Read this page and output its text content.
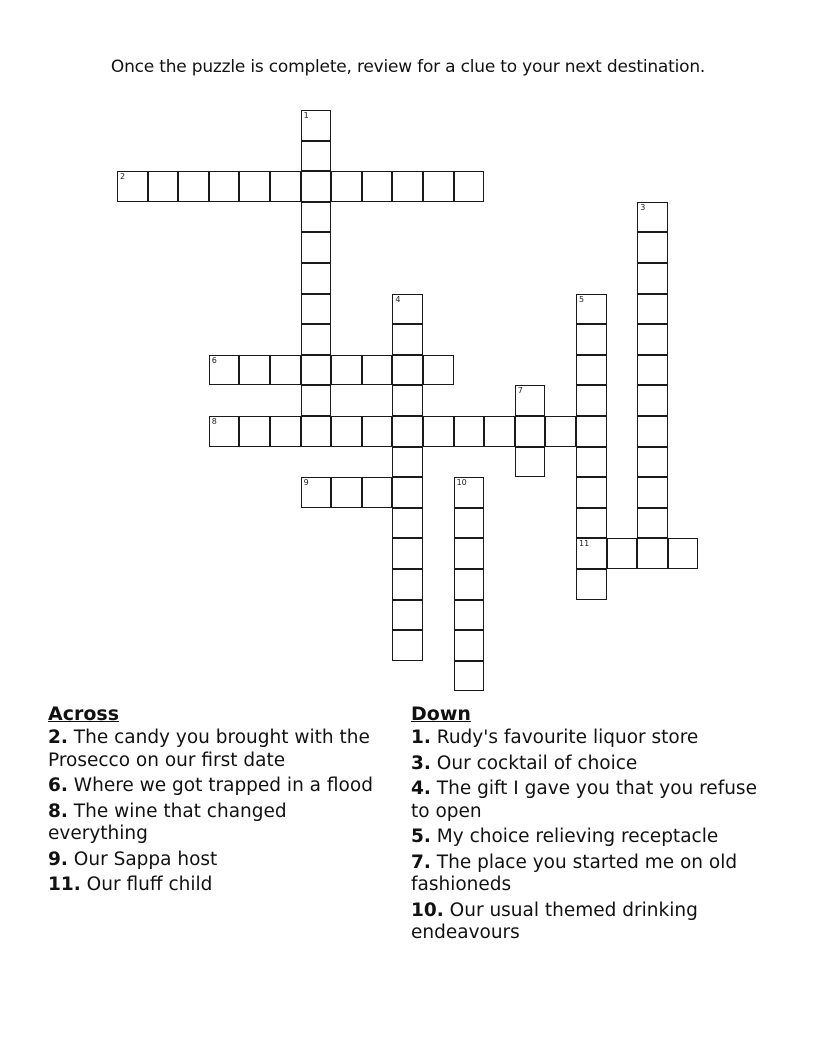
Once the puzzle is complete, review for a clue to your next destination.
1
2
3
4	5
11
6
7
8
9	10
Across
2. The candy you brought with the Prosecco on our first date
6. Where we got trapped in a flood
8. The wine that changed everything
9. Our Sappa host
11. Our fluff child
Down
1. Rudy's favourite liquor store
3. Our cocktail of choice
4. The gift I gave you that you refuse to open
5. My choice relieving receptacle
7. The place you started me on old fashioneds
10. Our usual themed drinking endeavours
